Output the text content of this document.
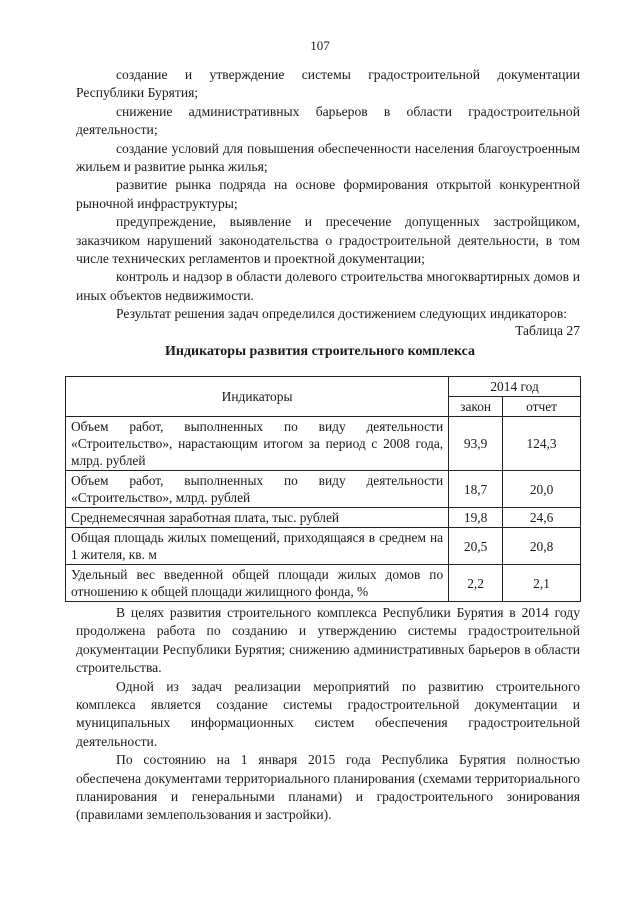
107

создание и утверждение системы градостроительной документации Республики Бурятия;

снижение административных барьеров в области градостроительной деятельности;

создание условий для повышения обеспеченности населения благоустроенным жильем и развитие рынка жилья;

развитие рынка подряда на основе формирования открытой конкурентной рыночной инфраструктуры;

предупреждение, выявление и пресечение допущенных застройщиком, заказчиком нарушений законодательства о градостроительной деятельности, в том числе технических регламентов и проектной документации;

контроль и надзор в области долевого строительства многоквартирных домов и иных объектов недвижимости.

Результат решения задач определился достижением следующих индикаторов:

Таблица 27
Индикаторы развития строительного комплекса
Индикаторы	2014 год	
	закон	отчет
Объем работ, выполненных по виду деятельности «Строительство», нарастающим итогом за период с 2008 года, млрд. рублей	93,9	124,3
Объем работ, выполненных по виду деятельности «Строительство», млрд. рублей	18,7	20,0
Среднемесячная заработная плата, тыс. рублей	19,8	24,6
Общая площадь жилых помещений, приходящаяся в среднем на 1 жителя, кв. м	20,5	20,8
Удельный вес введенной общей площади жилых домов по отношению к общей площади жилищного фонда, %	2,2	2,1

В целях развития строительного комплекса Республики Бурятия в 2014 году продолжена работа по созданию и утверждению системы градостроительной документации Республики Бурятия; снижению административных барьеров в области строительства.

Одной из задач реализации мероприятий по развитию строительного комплекса является создание системы градостроительной документации и муниципальных информационных систем обеспечения градостроительной деятельности.

По состоянию на 1 января 2015 года Республика Бурятия полностью обеспечена документами территориального планирования (схемами территориального планирования и генеральными планами) и градостроительного зонирования (правилами землепользования и застройки).
